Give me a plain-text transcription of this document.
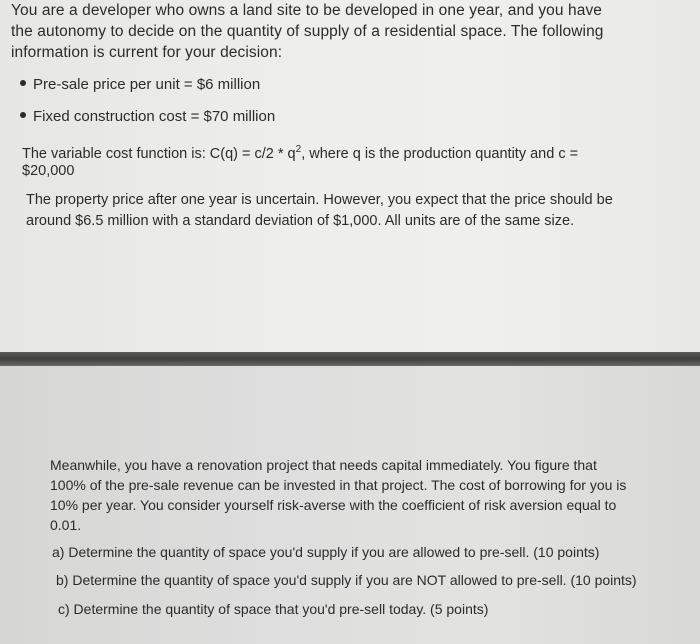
You are a developer who owns a land site to be developed in one year, and you have the autonomy to decide on the quantity of supply of a residential space. The following information is current for your decision:

Pre-sale price per unit = $6 million

Fixed construction cost = $70 million

The variable cost function is: $C(q) = c/2 * q^2$, where q is the production quantity and c =

$20,000

The property price after one year is uncertain. However, you expect that the price should be around $6.5 million with a standard deviation of $1,000. All units are of the same size.

Meanwhile, you have a renovation project that needs capital immediately. You figure that 100% of the pre-sale revenue can be invested in that project. The cost of borrowing for you is 10% per year. You consider yourself risk-averse with the coefficient of risk aversion equal to 0.01.

a) Determine the quantity of space you'd supply if you are allowed to pre-sell. (10 points)

b) Determine the quantity of space you'd supply if you are NOT allowed to pre-sell. (10 points)

c) Determine the quantity of space that you'd pre-sell today. (5 points)
